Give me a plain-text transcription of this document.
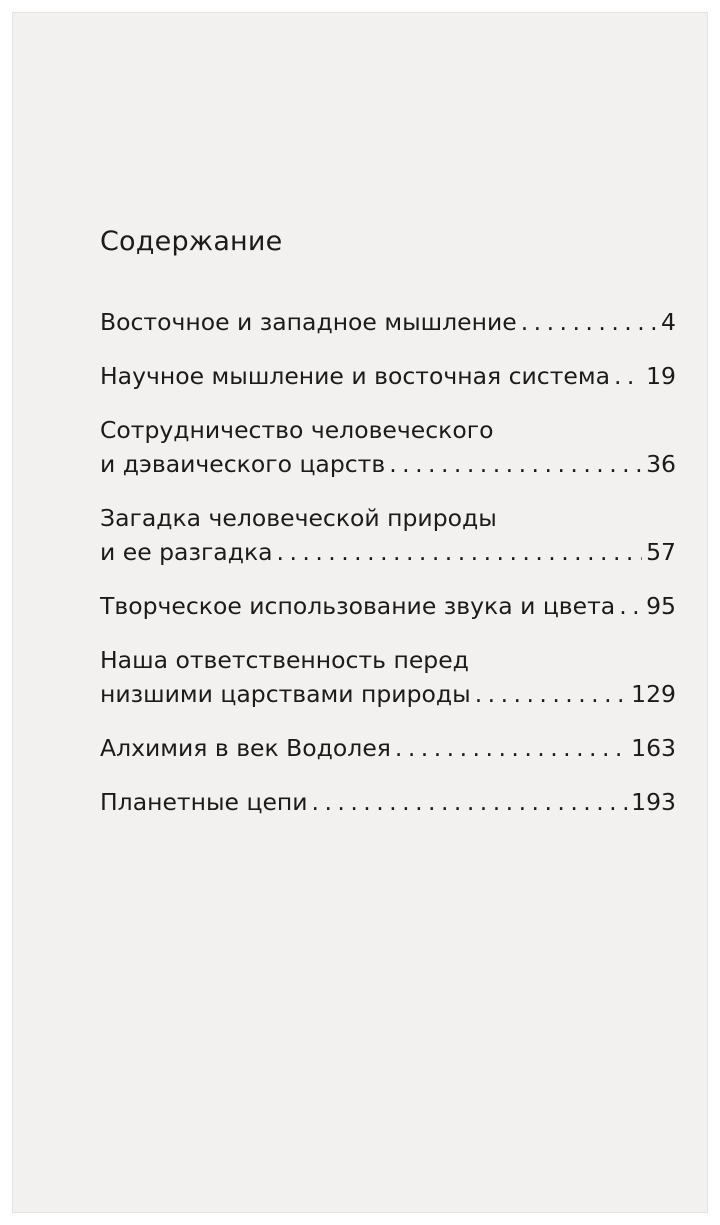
Содержание
Восточное и западное мышление . . .	4
Научное мышление и восточная система . . . 19
Сотрудничество человеческого
и дэваического царств . . .	36
Загадка человеческой природы
и ее разгадка . . .	57
Творческое использование звука и цвета . . . 95
Наша ответственность перед
низшими царствами природы . . .	129
Алхимия в век Водолея . . .	163
Планетные цепи . . .	193
